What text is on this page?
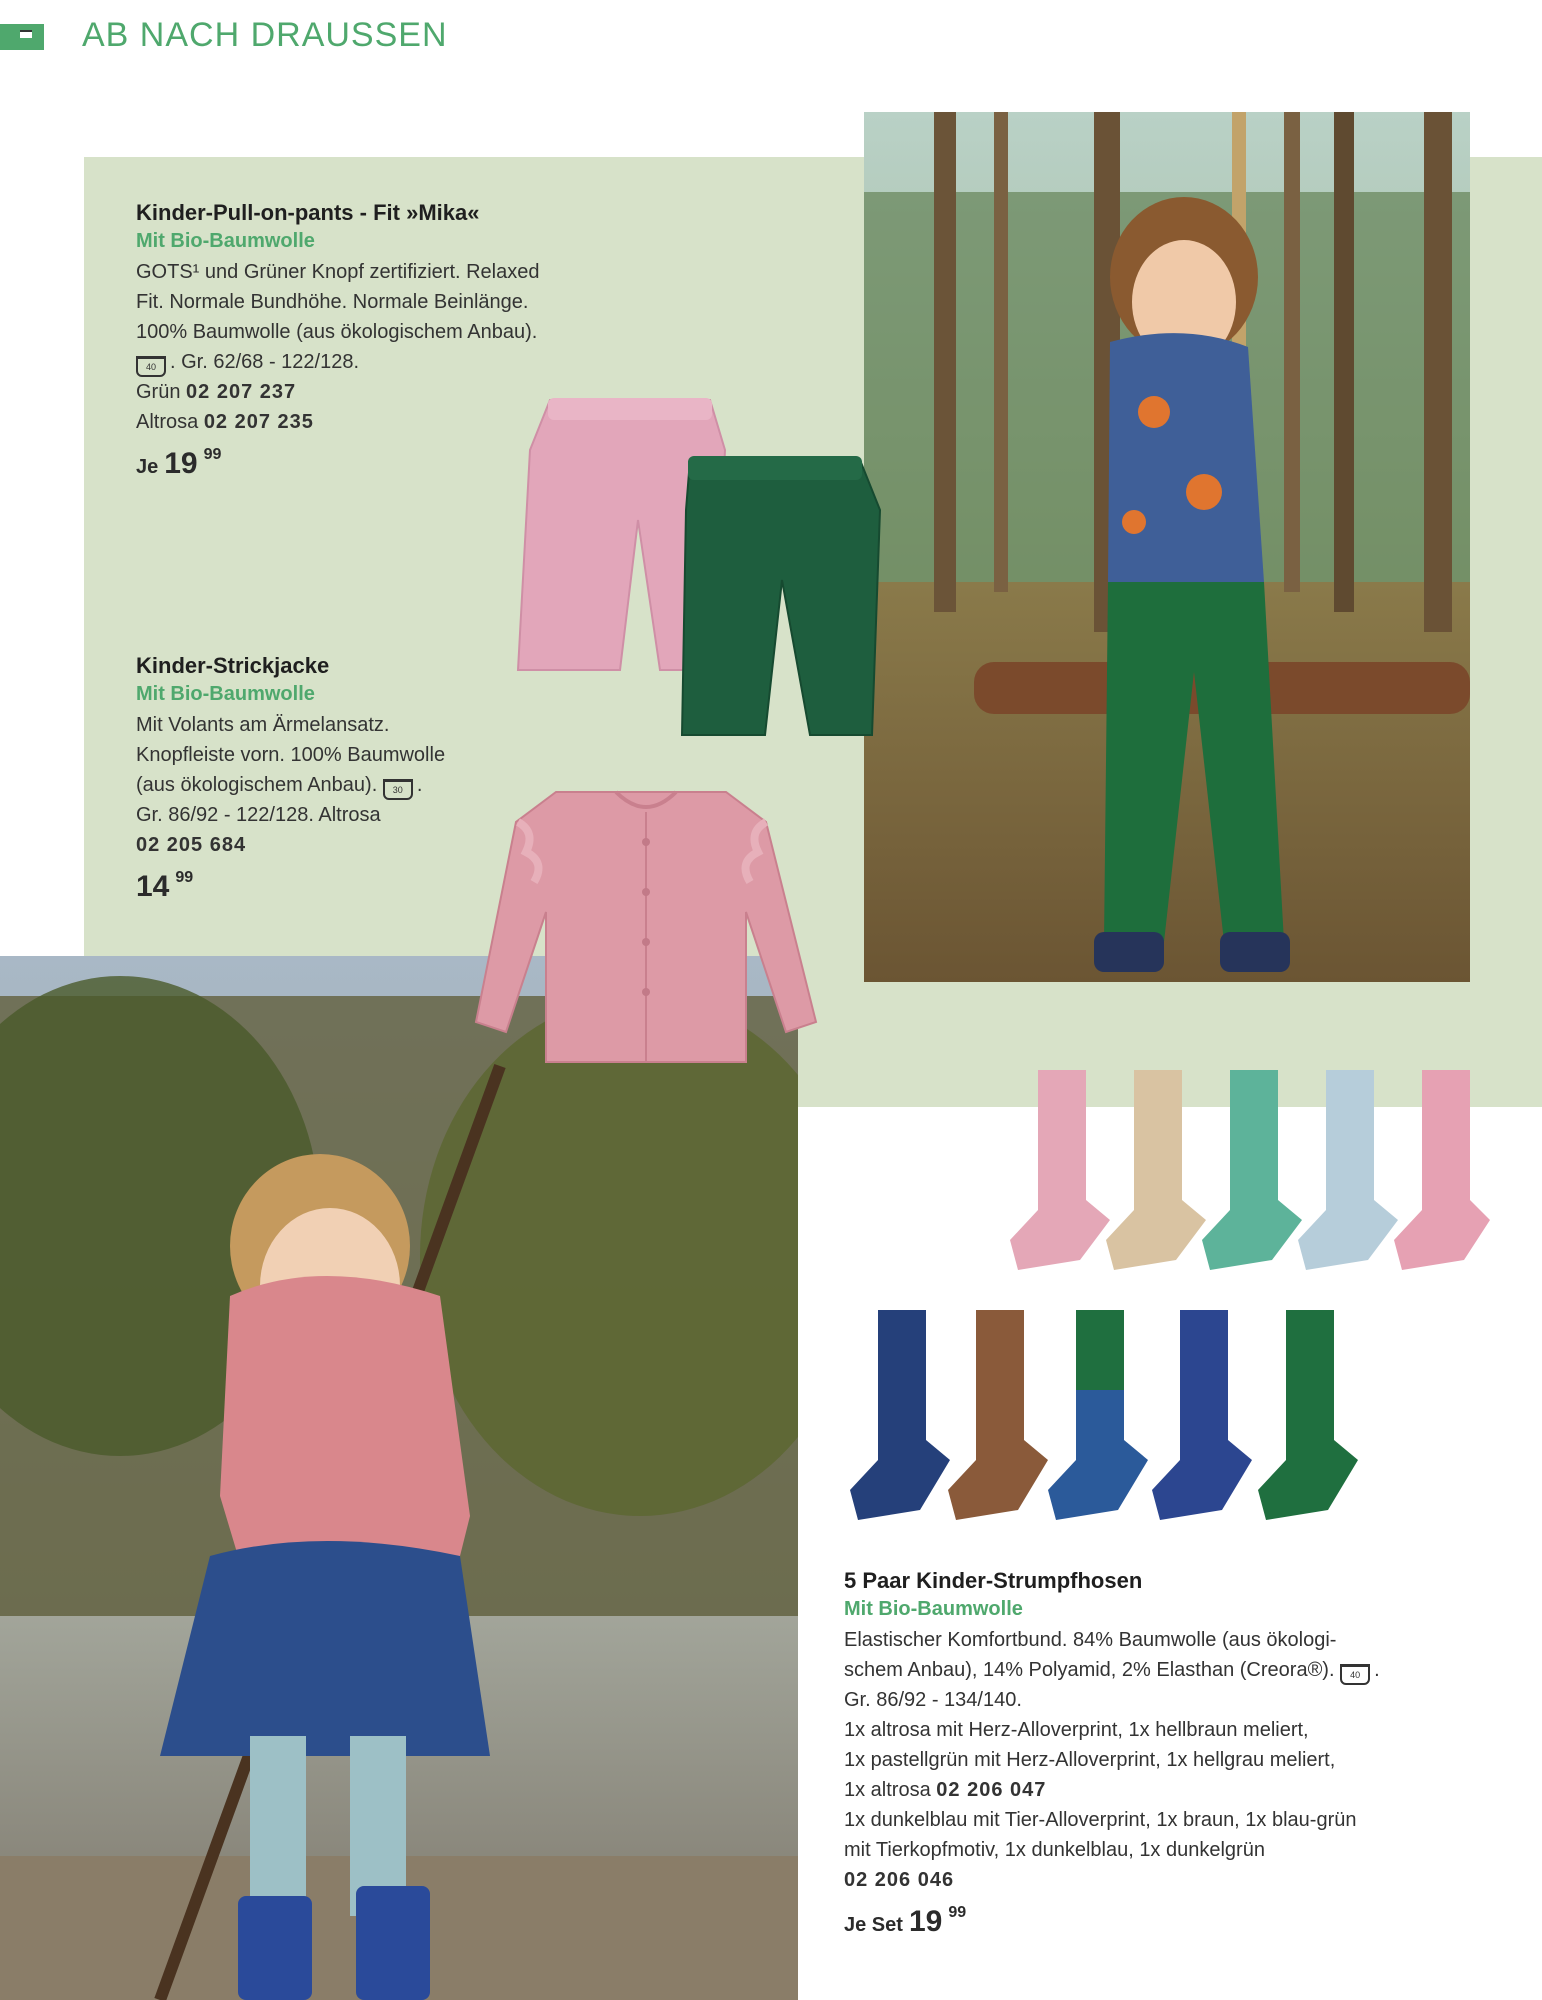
AB NACH DRAUSSEN

Kinder-Pull-on-pants - Fit »Mika«

Mit Bio-Baumwolle

GOTS¹ und Grüner Knopf zertifiziert. Relaxed

Fit. Normale Bundhöhe. Normale Beinlänge.

100% Baumwolle (aus ökologischem Anbau).

40 . Gr. 62/68 - 122/128.

Grün 02 207 237

Altrosa 02 207 235

Je 19 99

Kinder-Strickjacke

Mit Bio-Baumwolle

Mit Volants am Ärmelansatz.

Knopfleiste vorn. 100% Baumwolle

(aus ökologischem Anbau). 30 .

Gr. 86/92 - 122/128. Altrosa

02 205 684

14 99

5 Paar Kinder-Strumpfhosen

Mit Bio-Baumwolle

Elastischer Komfortbund. 84% Baumwolle (aus ökologi-

schem Anbau), 14% Polyamid, 2% Elasthan (Creora®). 40 .

Gr. 86/92 - 134/140.

1x altrosa mit Herz-Alloverprint, 1x hellbraun meliert,

1x pastellgrün mit Herz-Alloverprint, 1x hellgrau meliert,

1x altrosa 02 206 047

1x dunkelblau mit Tier-Alloverprint, 1x braun, 1x blau-grün

mit Tierkopfmotiv, 1x dunkelblau, 1x dunkelgrün

02 206 046

Je Set 19 99
